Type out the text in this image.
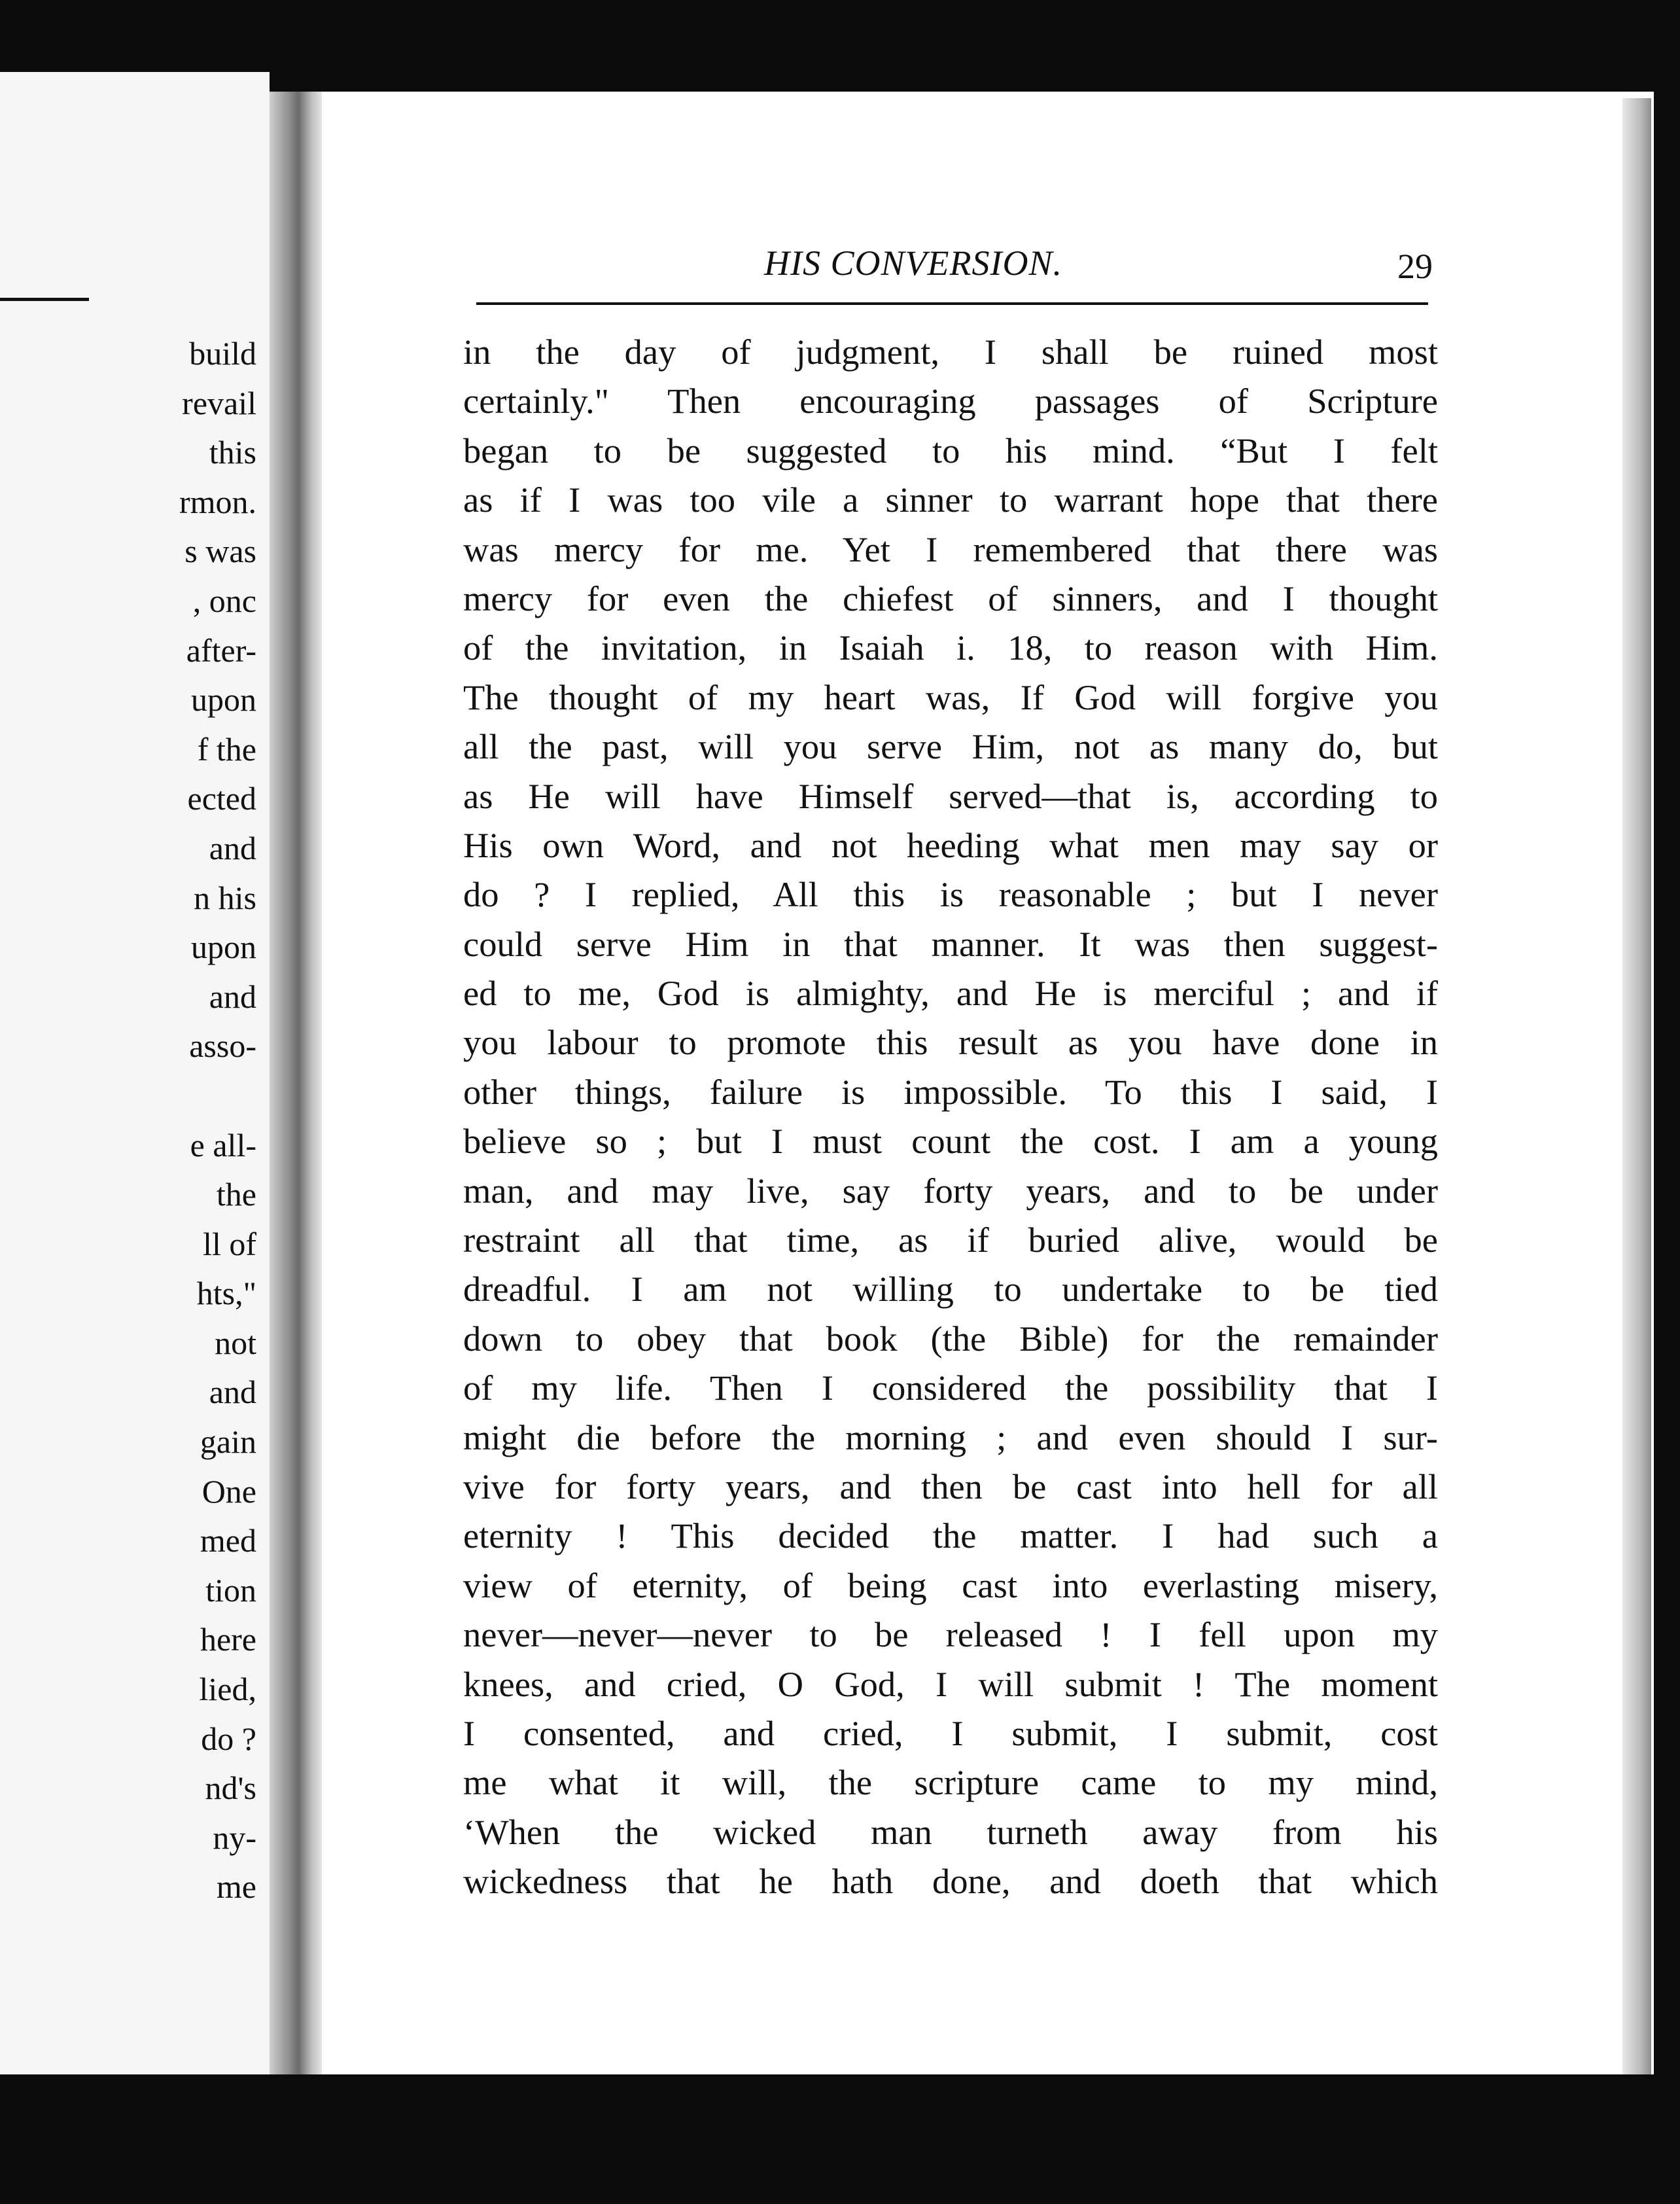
build
revail
this
rmon.
s was
, onc
after-
upon
f the
ected
and
n his
upon
and
asso-
e all-
the
ll of
hts,"
not
and
gain
One
med
tion
here
lied,
do ?
nd's
ny-
me
HIS CONVERSION.	29
in the day of judgment, I shall be ruined most
certainly." Then encouraging passages of Scripture
began to be suggested to his mind. “But I felt
as if I was too vile a sinner to warrant hope that there
was mercy for me. Yet I remembered that there was
mercy for even the chiefest of sinners, and I thought
of the invitation, in Isaiah i. 18, to reason with Him.
The thought of my heart was, If God will forgive you
all the past, will you serve Him, not as many do, but
as He will have Himself served—that is, according to
His own Word, and not heeding what men may say or
do ? I replied, All this is reasonable ; but I never
could serve Him in that manner. It was then suggest-
ed to me, God is almighty, and He is merciful ; and if
you labour to promote this result as you have done in
other things, failure is impossible. To this I said, I
believe so ; but I must count the cost. I am a young
man, and may live, say forty years, and to be under
restraint all that time, as if buried alive, would be
dreadful. I am not willing to undertake to be tied
down to obey that book (the Bible) for the remainder
of my life. Then I considered the possibility that I
might die before the morning ; and even should I sur-
vive for forty years, and then be cast into hell for all
eternity ! This decided the matter. I had such a
view of eternity, of being cast into everlasting misery,
never—never—never to be released ! I fell upon my
knees, and cried, O God, I will submit ! The moment
I consented, and cried, I submit, I submit, cost
me what it will, the scripture came to my mind,
‘When the wicked man turneth away from his
wickedness that he hath done, and doeth that which
